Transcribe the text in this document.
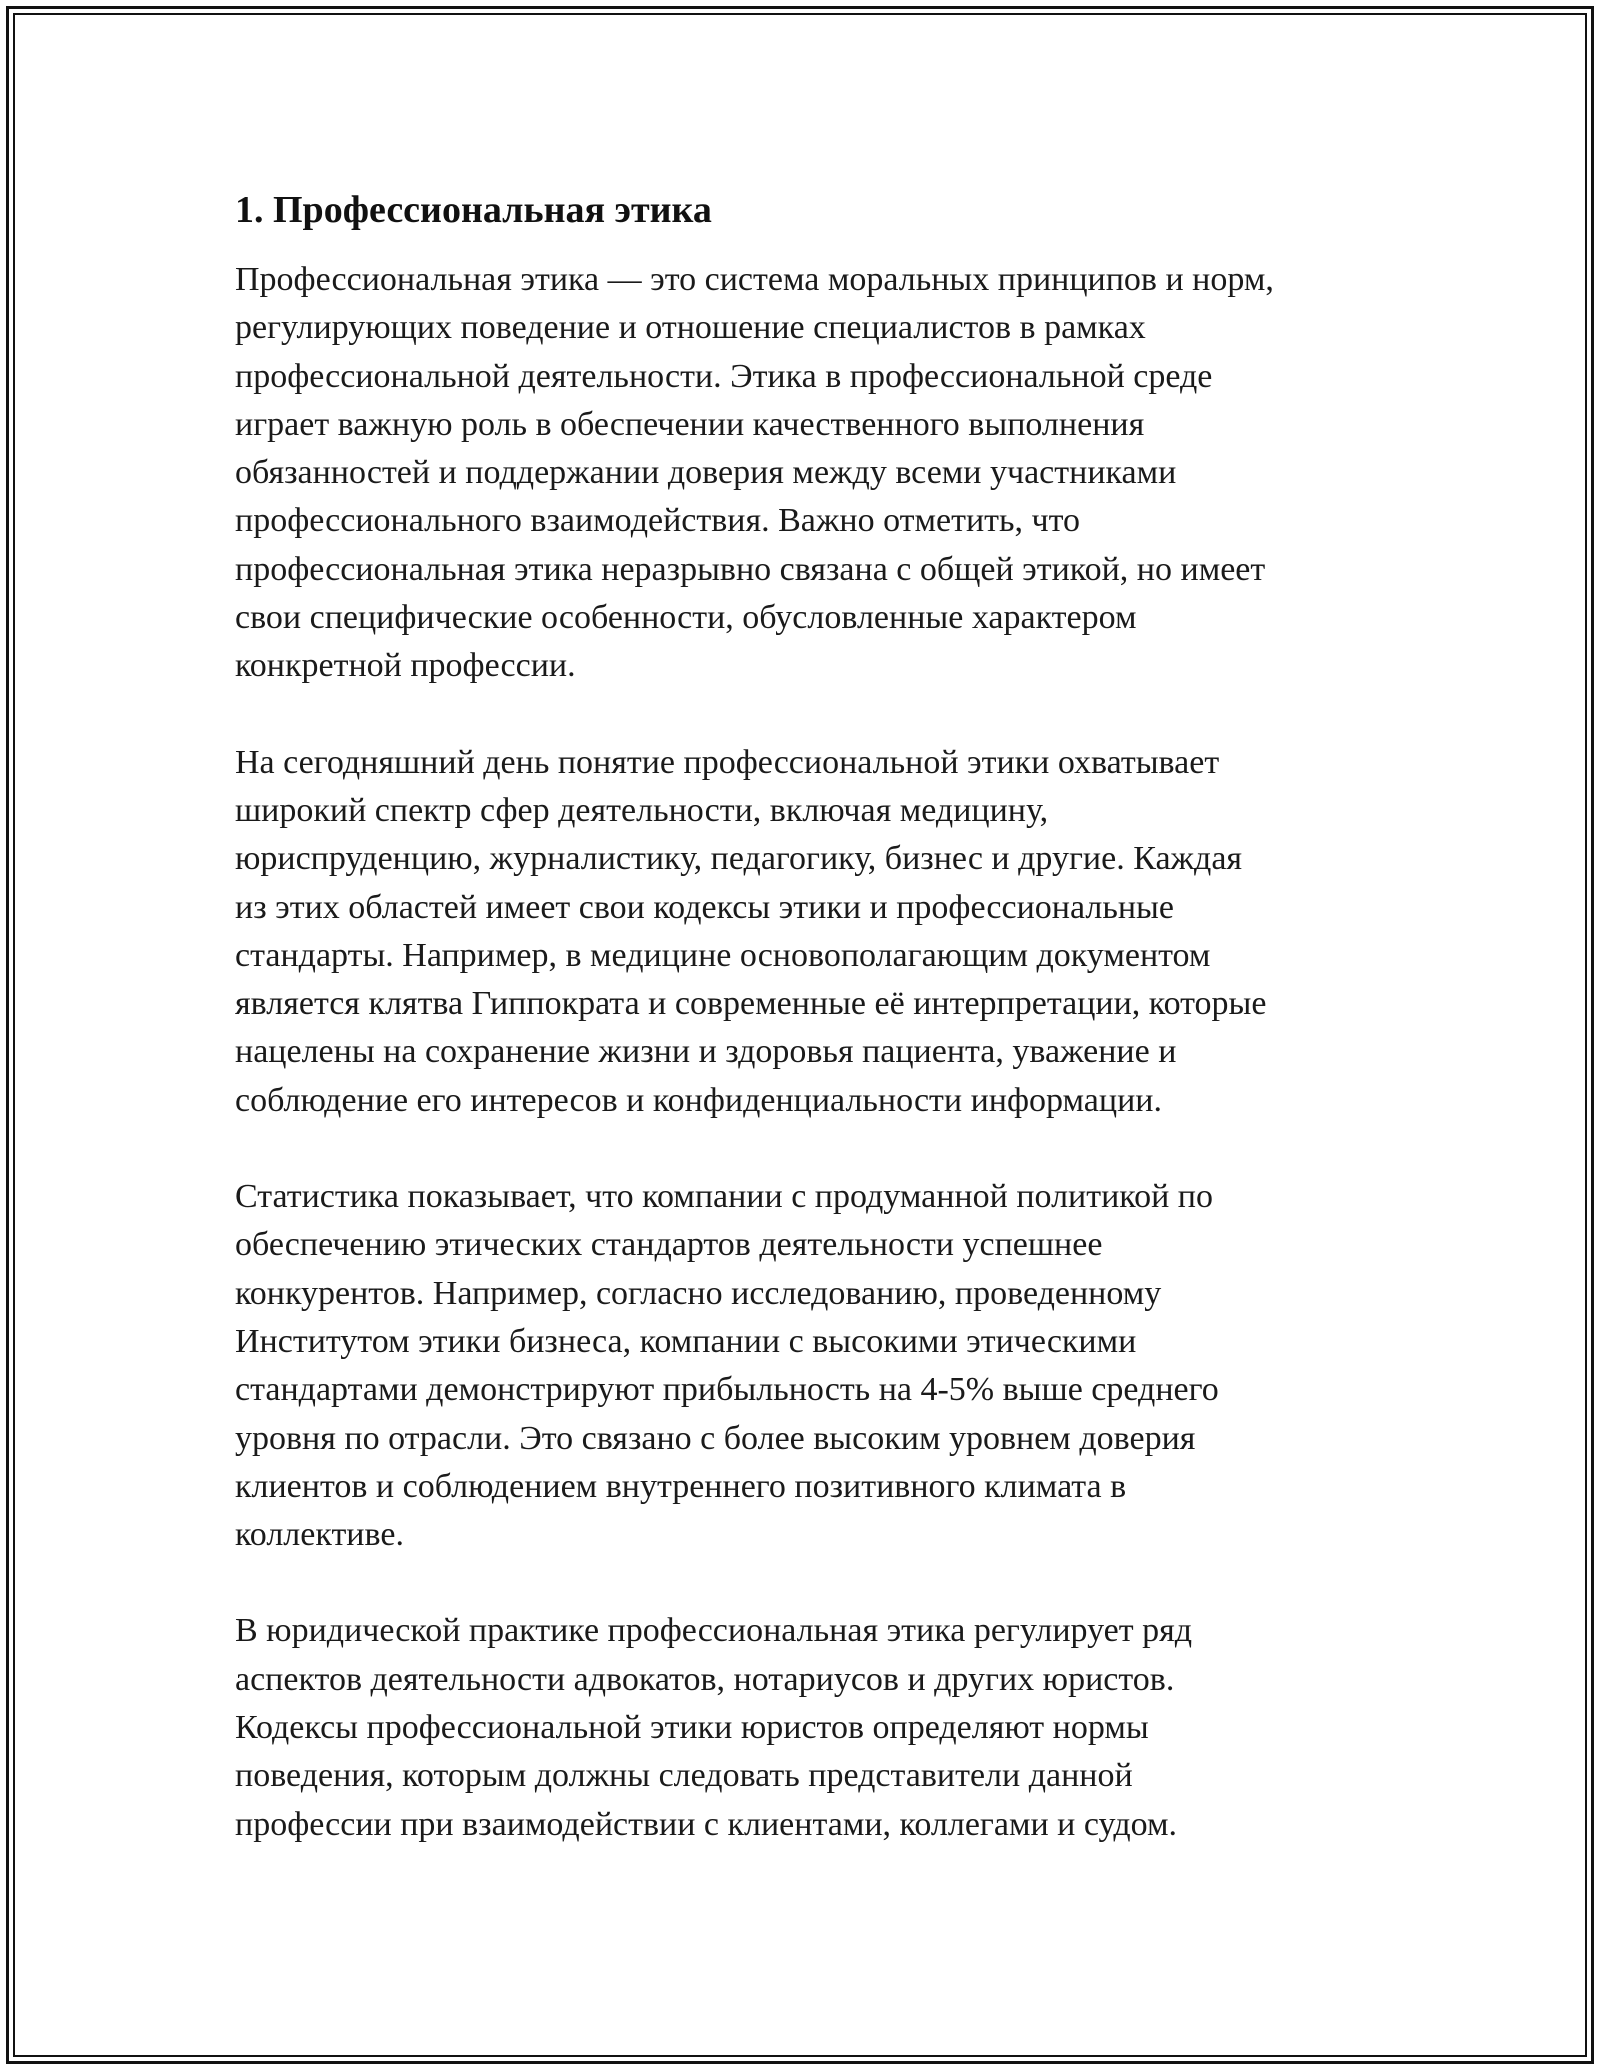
1. Профессиональная этика

Профессиональная этика — это система моральных принципов и норм,
регулирующих поведение и отношение специалистов в рамках
профессиональной деятельности. Этика в профессиональной среде
играет важную роль в обеспечении качественного выполнения
обязанностей и поддержании доверия между всеми участниками
профессионального взаимодействия. Важно отметить, что
профессиональная этика неразрывно связана с общей этикой, но имеет
свои специфические особенности, обусловленные характером
конкретной профессии.

На сегодняшний день понятие профессиональной этики охватывает
широкий спектр сфер деятельности, включая медицину,
юриспруденцию, журналистику, педагогику, бизнес и другие. Каждая
из этих областей имеет свои кодексы этики и профессиональные
стандарты. Например, в медицине основополагающим документом
является клятва Гиппократа и современные её интерпретации, которые
нацелены на сохранение жизни и здоровья пациента, уважение и
соблюдение его интересов и конфиденциальности информации.

Статистика показывает, что компании с продуманной политикой по
обеспечению этических стандартов деятельности успешнее
конкурентов. Например, согласно исследованию, проведенному
Институтом этики бизнеса, компании с высокими этическими
стандартами демонстрируют прибыльность на 4-5% выше среднего
уровня по отрасли. Это связано с более высоким уровнем доверия
клиентов и соблюдением внутреннего позитивного климата в
коллективе.

В юридической практике профессиональная этика регулирует ряд
аспектов деятельности адвокатов, нотариусов и других юристов.
Кодексы профессиональной этики юристов определяют нормы
поведения, которым должны следовать представители данной
профессии при взаимодействии с клиентами, коллегами и судом.
